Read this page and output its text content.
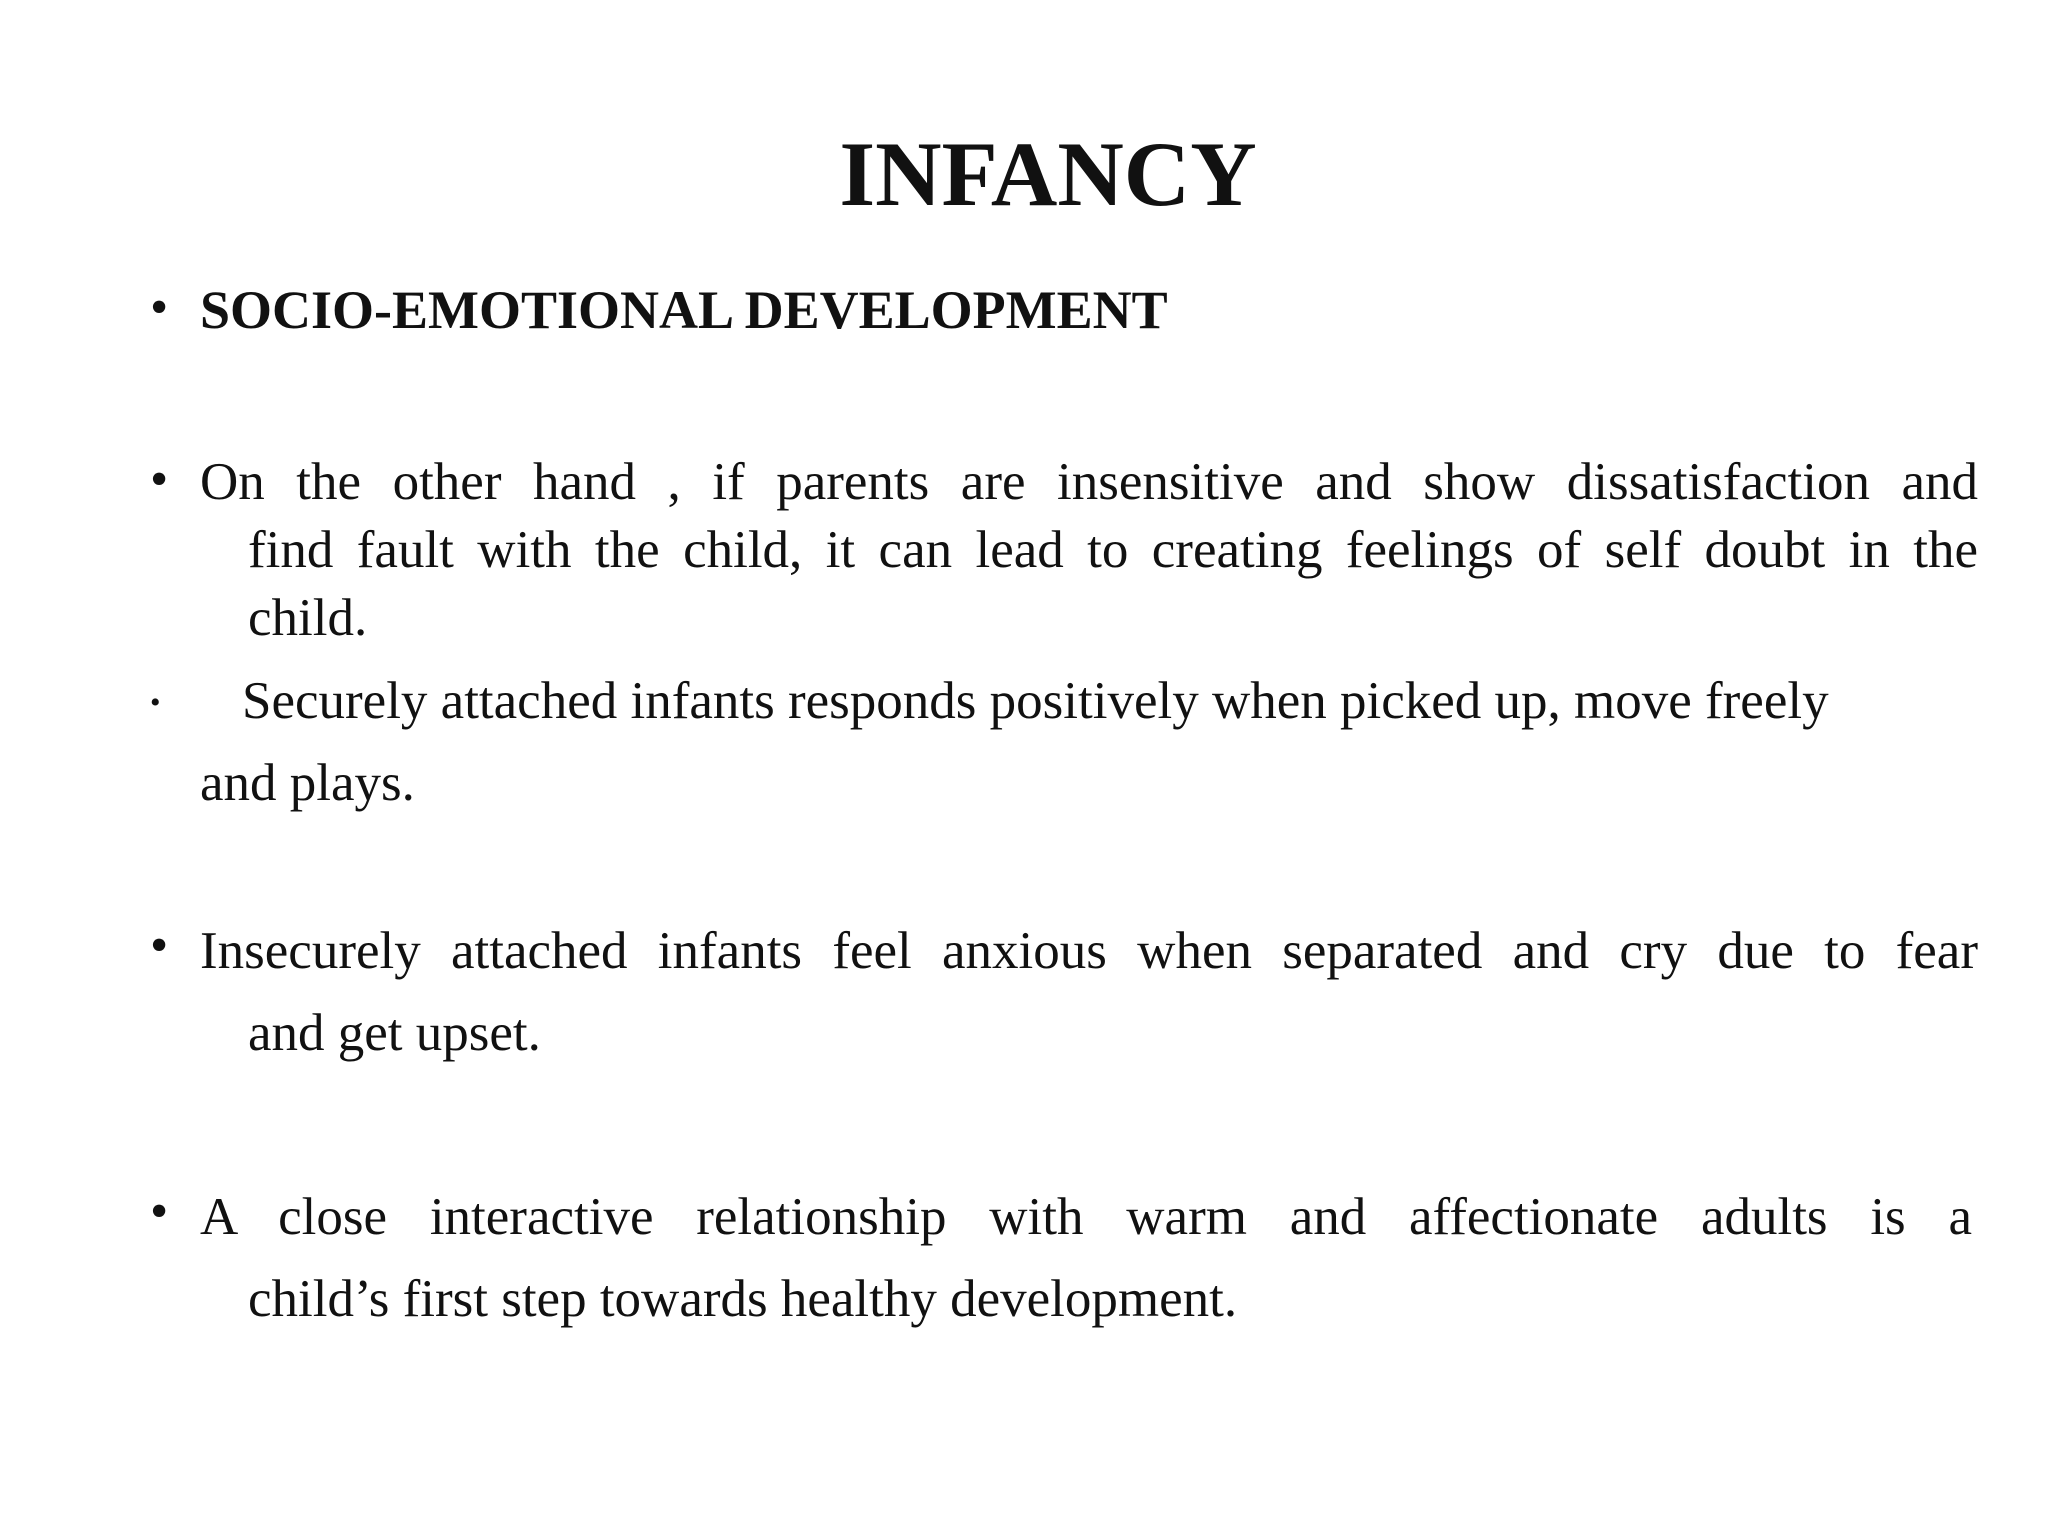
INFANCY
• SOCIO-EMOTIONAL DEVELOPMENT
• On the other hand , if parents are insensitive and show dissatisfaction and
find fault with the child, it can lead to creating feelings of self doubt in the
child.
•	Securely attached infants responds positively when picked up, move freely
and plays.
• Insecurely attached infants feel anxious when separated and cry due to fear
and get upset.
• A close interactive relationship with warm and affectionate adults is a
child’s first step towards healthy development.
